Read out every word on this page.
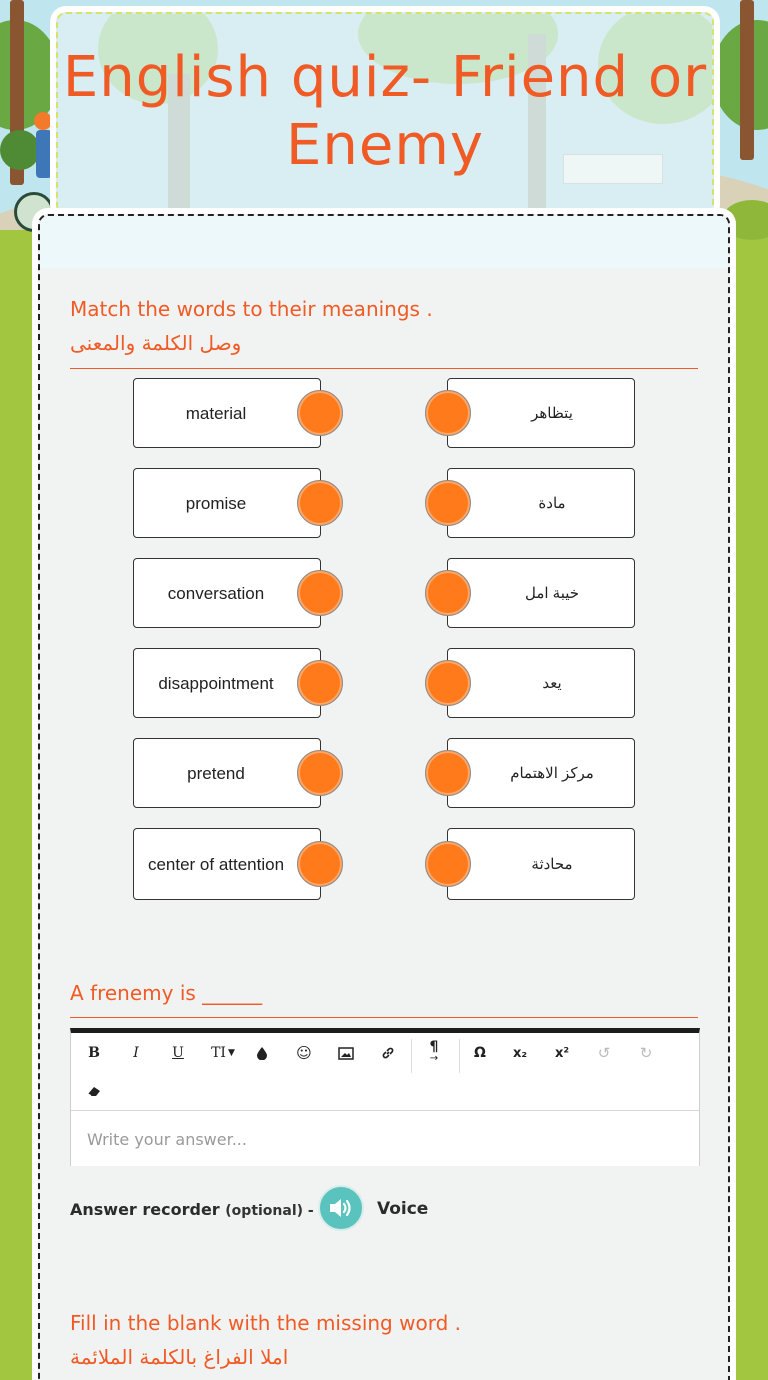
English quiz- Friend or Enemy
Match the words to their meanings .
وصل الكلمة والمعنى
material	يتظاهر
promise	مادة
conversation	خيبة امل
disappointment	يعد
pretend	مركز الاهتمام
center of attention	محادثة
A frenemy is ______
B	I	U	TI ▼	☺	¶
→	Ω	x₂	x²	↺ ↻
Write your answer...
Answer recorder (optional) -	Voice
Fill in the blank with the missing word .
املا الفراغ بالكلمة الملائمة
